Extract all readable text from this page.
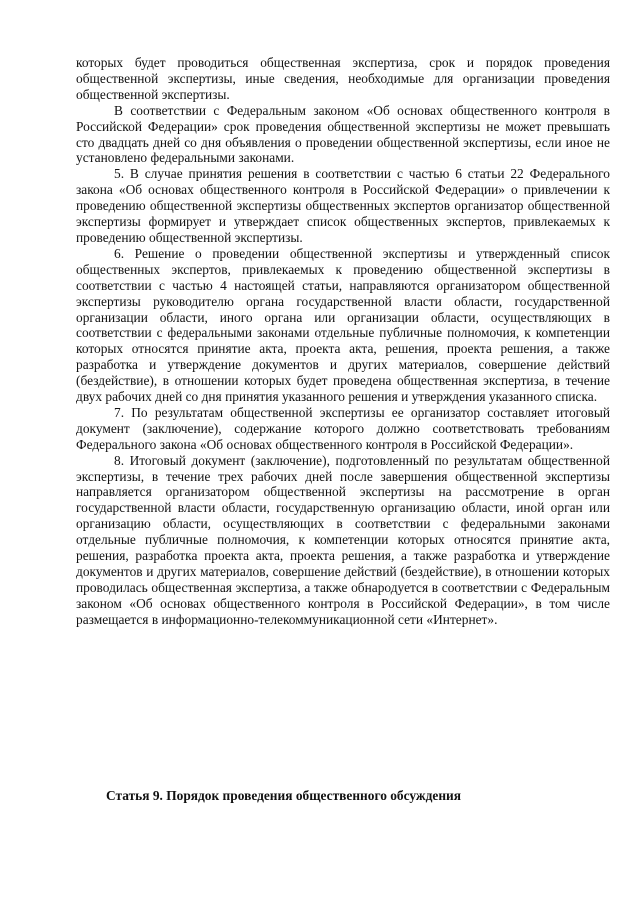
которых будет проводиться общественная экспертиза, срок и порядок проведения общественной экспертизы, иные сведения, необходимые для организации проведения общественной экспертизы.

В соответствии с Федеральным законом «Об основах общественного контроля в Российской Федерации» срок проведения общественной экспертизы не может превышать сто двадцать дней со дня объявления о проведении общественной экспертизы, если иное не установлено федеральными законами.

5. В случае принятия решения в соответствии с частью 6 статьи 22 Федерального закона «Об основах общественного контроля в Российской Федерации» о привлечении к проведению общественной экспертизы общественных экспертов организатор общественной экспертизы формирует и утверждает список общественных экспертов, привлекаемых к проведению общественной экспертизы.

6. Решение о проведении общественной экспертизы и утвержденный список общественных экспертов, привлекаемых к проведению общественной экспертизы в соответствии с частью 4 настоящей статьи, направляются организатором общественной экспертизы руководителю органа государственной власти области, государственной организации области, иного органа или организации области, осуществляющих в соответствии с федеральными законами отдельные публичные полномочия, к компетенции которых относятся принятие акта, проекта акта, решения, проекта решения, а также разработка и утверждение документов и других материалов, совершение действий (бездействие), в отношении которых будет проведена общественная экспертиза, в течение двух рабочих дней со дня принятия указанного решения и утверждения указанного списка.

7. По результатам общественной экспертизы ее организатор составляет итоговый документ (заключение), содержание которого должно соответствовать требованиям Федерального закона «Об основах общественного контроля в Российской Федерации».

8. Итоговый документ (заключение), подготовленный по результатам общественной экспертизы, в течение трех рабочих дней после завершения общественной экспертизы направляется организатором общественной экспертизы на рассмотрение в орган государственной власти области, государственную организацию области, иной орган или организацию области, осуществляющих в соответствии с федеральными законами отдельные публичные полномочия, к компетенции которых относятся принятие акта, решения, разработка проекта акта, проекта решения, а также разработка и утверждение документов и других материалов, совершение действий (бездействие), в отношении которых проводилась общественная экспертиза, а также обнародуется в соответствии с Федеральным законом «Об основах общественного контроля в Российской Федерации», в том числе размещается в информационно-телекоммуникационной сети «Интернет».

Статья 9. Порядок проведения общественного обсуждения
